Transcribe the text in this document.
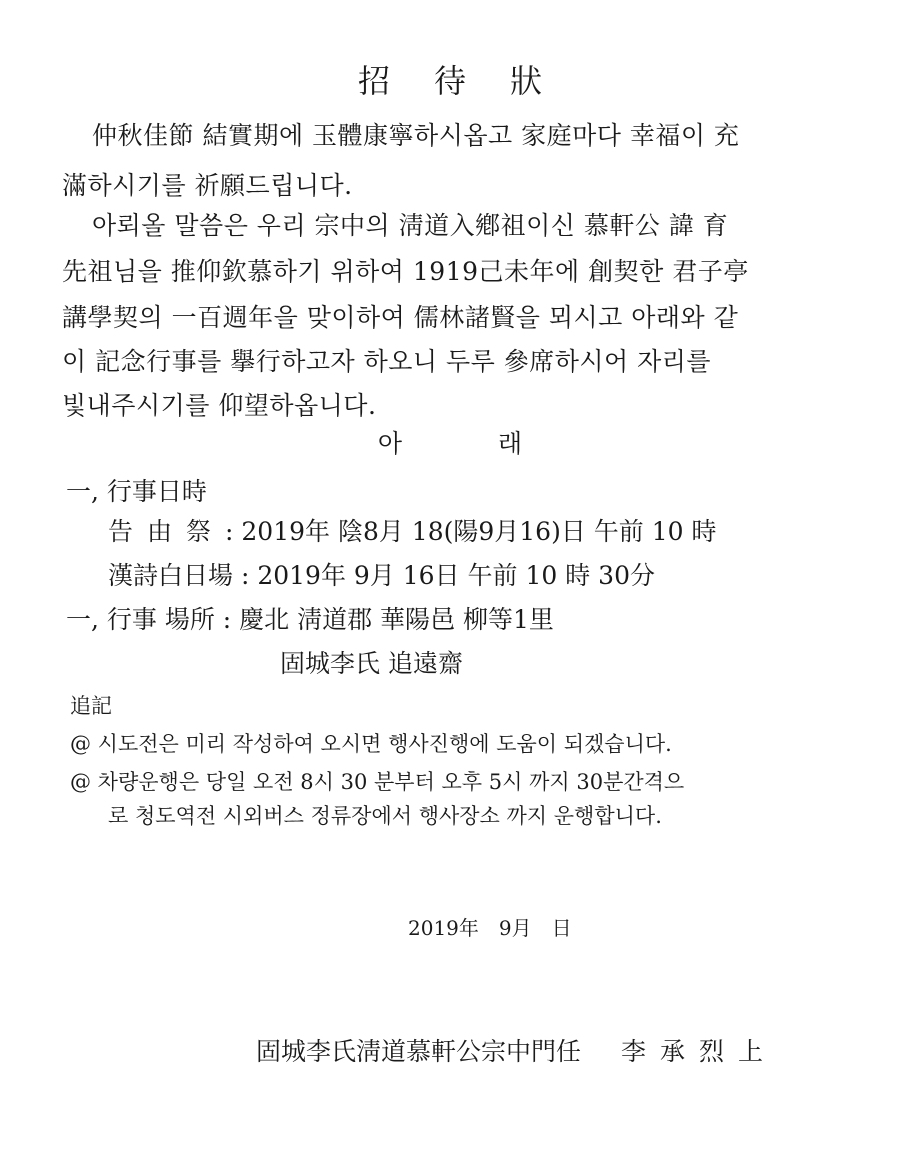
招待狀
仲秋佳節 結實期에 玉體康寧하시옵고 家庭마다 幸福이 充
滿하시기를 祈願드립니다.
아뢰올 말씀은 우리 宗中의 淸道入鄕祖이신 慕軒公 諱 育
先祖님을 推仰欽慕하기 위하여 1919己未年에 創契한 君子亭
講學契의 一百週年을 맞이하여 儒林諸賢을 뫼시고 아래와 같
이 記念行事를 擧行하고자 하오니 두루 參席하시어 자리를
빛내주시기를 仰望하옵니다.
아	래
一, 行事日時
告由祭: 2019年 陰8月 18(陽9月16)日 午前 10 時
漢詩白日場 : 2019年 9月 16日 午前 10 時 30分
一, 行事 場所 : 慶北 淸道郡 華陽邑 柳等1里
固城李氏 追遠齋
追記
@ 시도전은 미리 작성하여 오시면 행사진행에 도움이 되겠습니다.
@ 차량운행은 당일 오전 8시 30 분부터 오후 5시 까지 30분간격으
로 청도역전 시외버스 정류장에서 행사장소 까지 운행합니다.
2019年 9月 日
固城李氏淸道慕軒公宗中門任 李承烈上
